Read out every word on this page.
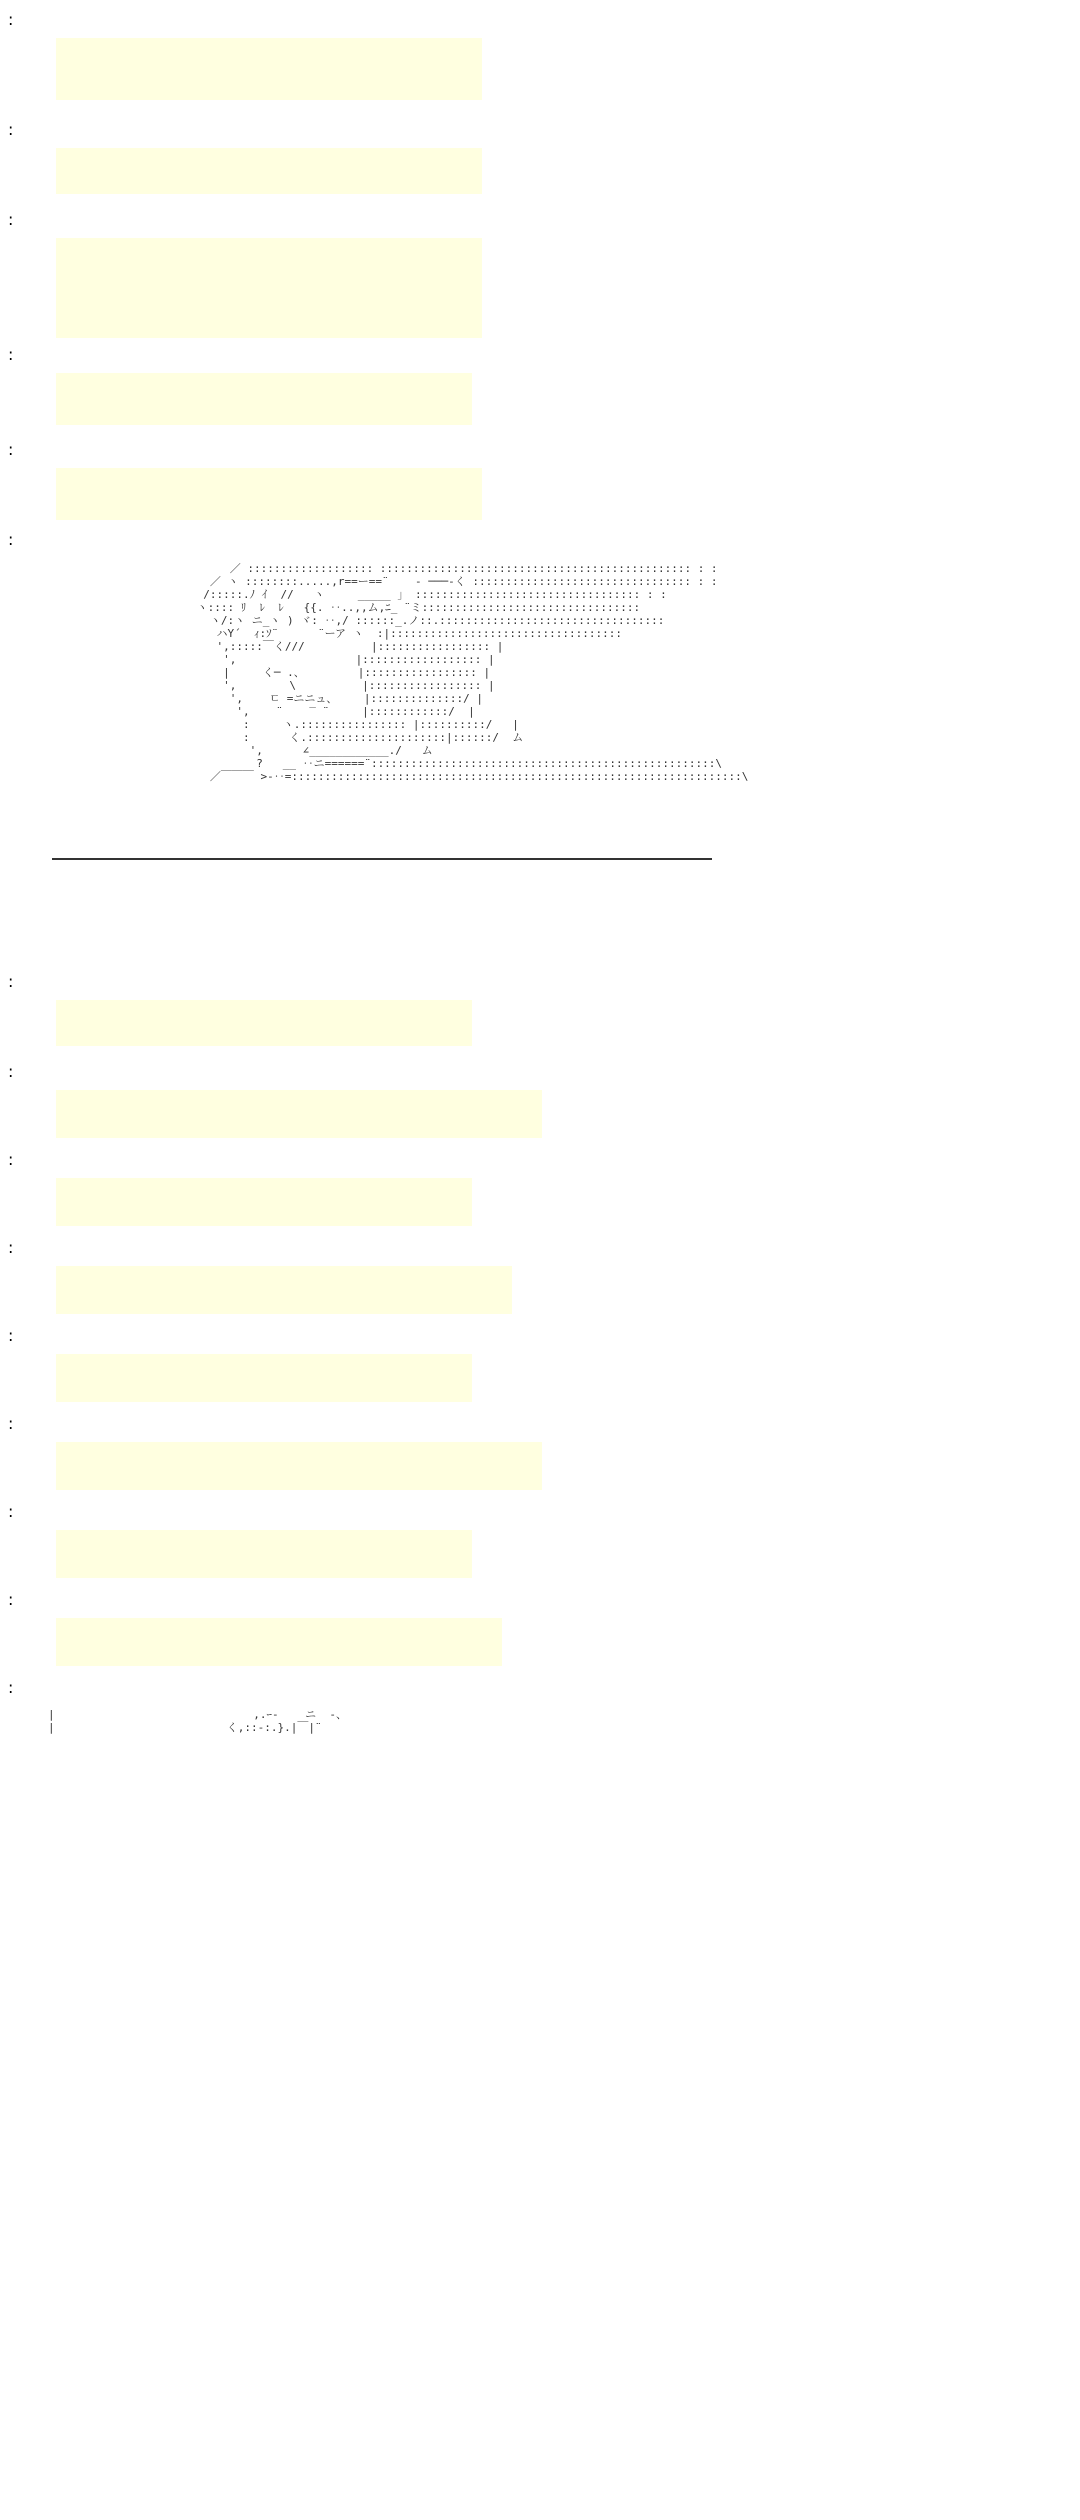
:
:
:
:
:
:
／ ::::::::::::::::::: ::::::::::::::::::::::::::::::::::::::::::::::: : :
／ ヽ ::::::::.....,r==ー==¨    ‐ ───‐く ::::::::::::::::::::::::::::::::: : :
/:::::.ﾉ ｲ  //   ヽ     _____ 」 :::::::::::::::::::::::::::::::::: : :
ヽ:::: ﾘ  ﾚ  ﾚ   {{. ‥..,,ム,ﾆ_ ¨ミ:::::::::::::::::::::::::::::::::
ヽ/:ヽ ニ_ヽ ) ヾ: ‥,/ ::::::_.ノ::.::::::::::::::::::::::::::::::::::
ハY´  ｨ:ｿ¨      ¨ーア ヽ  :|:::::::::::::::::::::::::::::::::::
',:::::￣く///          |::::::::::::::::: |
',                  |:::::::::::::::::: |
|     く─ .、        |::::::::::::::::: |
',        \          |::::::::::::::::: |
',    ㄷ =ニニュ、    |::::::::::::::/ |
',    ¨    ‾ ¨     |::::::::::::/  |
:     ヽ.:::::::::::::::: |::::::::::/   |
:      く.:::::::::::::::::::::|::::::/  ム
',      ∠____________./   ム
?   __ ‥ニ======¨::::::::::::::::::::::::::::::::::::::::::::::::::::\
／￣￣￣ >-‥=::::::::::::::::::::::::::::::::::::::::::::::::::::::::::::::::::::\
:
:
:
:
:
:
:
:
:
|                              ,.ｰ‐    ニ  ‐、
|                          く,::‐:.}.|￣|¨
